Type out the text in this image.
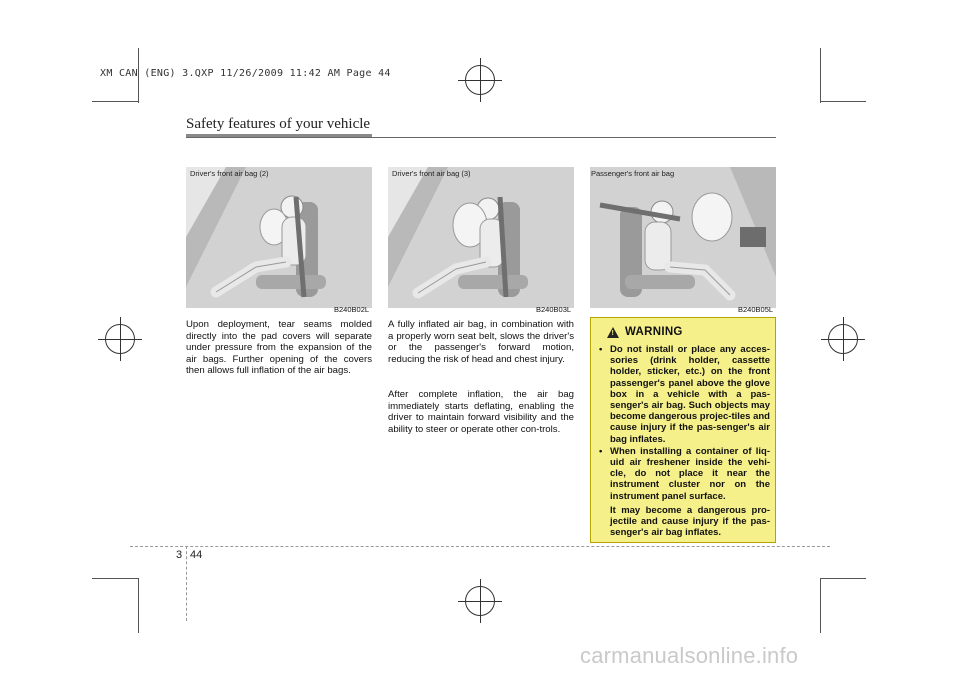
XM CAN (ENG) 3.QXP 11/26/2009 11:42 AM Page 44
Safety features of your vehicle
Driver's front air bag (2)
B240B02L
Driver's front air bag (3)
B240B03L
Passenger's front air bag
B240B05L
Upon deployment, tear seams molded directly into the pad covers will separate under pressure from the expansion of the air bags. Further opening of the covers then allows full inflation of the air bags.
A fully inflated air bag, in combination with a properly worn seat belt, slows the driver's or the passenger's forward motion, reducing the risk of head and chest injury.
After complete inflation, the air bag immediately starts deflating, enabling the driver to maintain forward visibility and the ability to steer or operate other con-trols.
! WARNING
• Do not install or place any acces-sories (drink holder, cassette holder, sticker, etc.) on the front passenger's panel above the glove box in a vehicle with a pas-senger's air bag. Such objects may become dangerous projec-tiles and cause injury if the pas-senger's air bag inflates.
• When installing a container of liq-uid air freshener inside the vehi-cle, do not place it near the instrument cluster nor on the instrument panel surface.

It may become a dangerous pro-jectile and cause injury if the pas-senger's air bag inflates.

3 44
carmanualsonline.info
